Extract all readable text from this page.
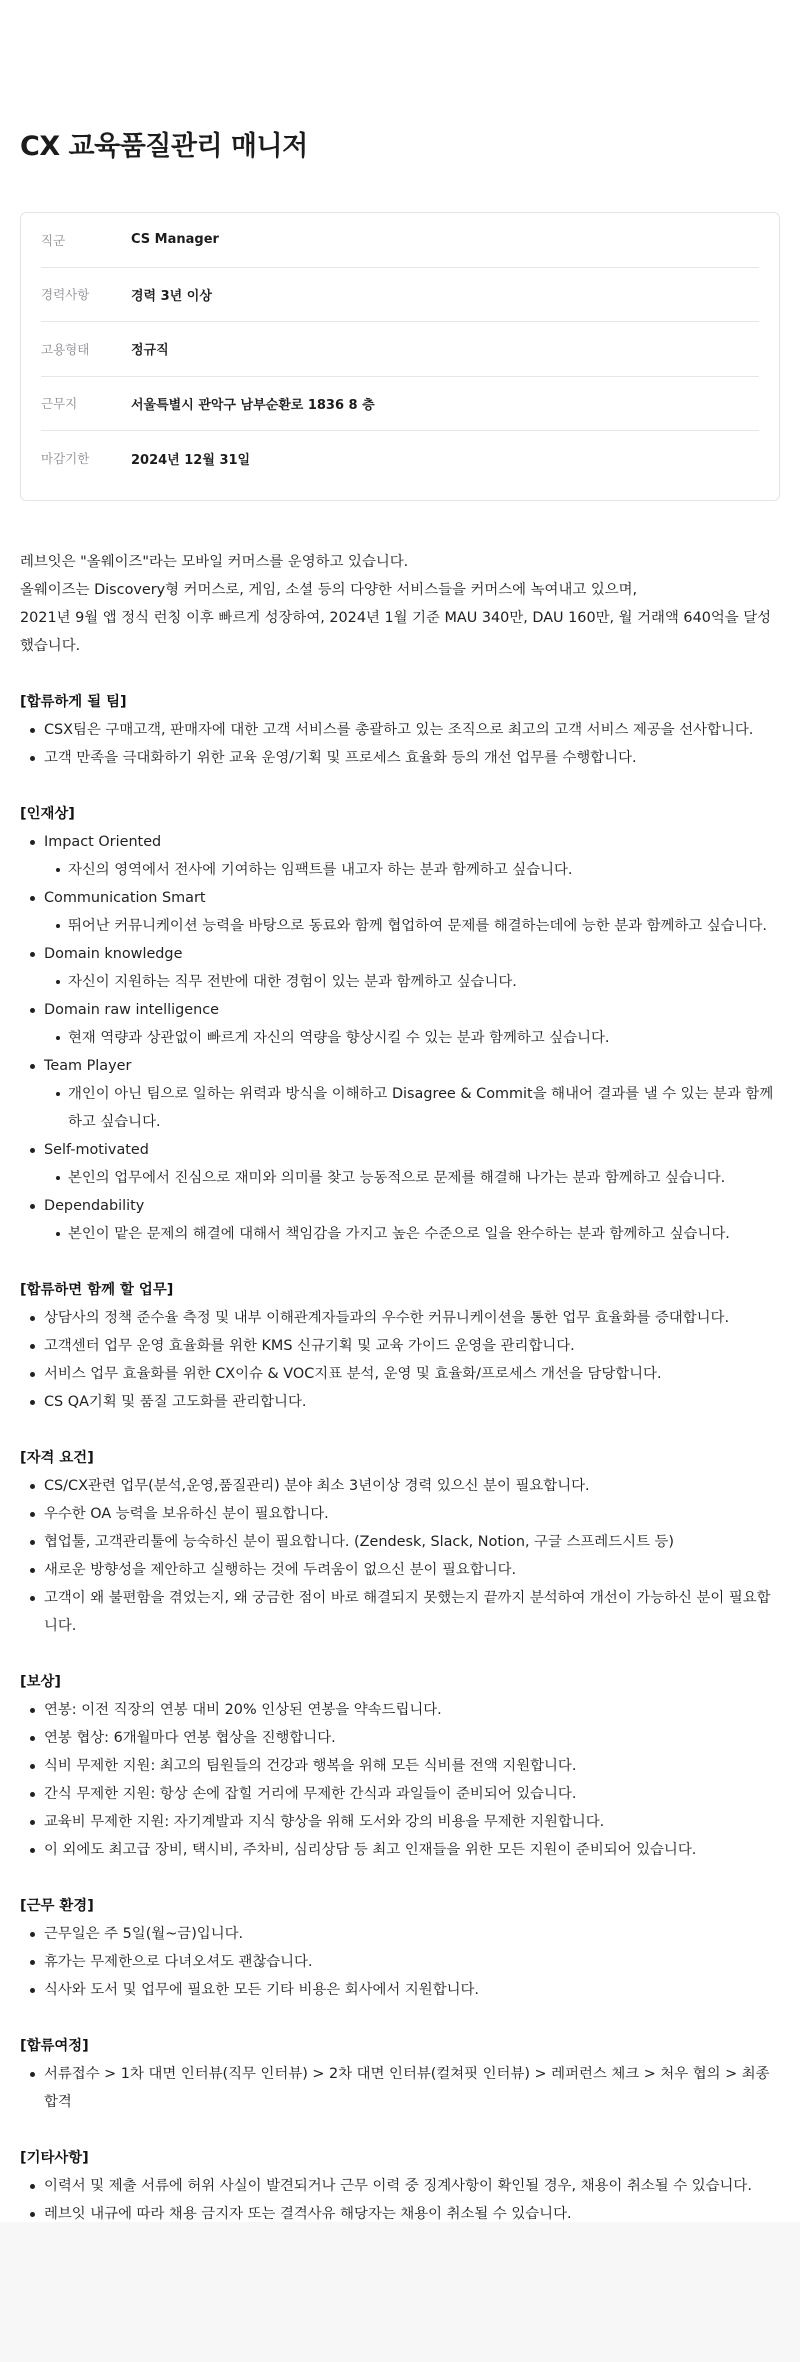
CX 교육품질관리 매니저
직군	CS Manager
경력사항	경력 3년 이상
고용형태	정규직
근무지	서울특별시 관악구 남부순환로 1836 8 층
마감기한	2024년 12월 31일

레브잇은 "올웨이즈"라는 모바일 커머스를 운영하고 있습니다.

올웨이즈는 Discovery형 커머스로, 게임, 소셜 등의 다양한 서비스들을 커머스에 녹여내고 있으며,

2021년 9월 앱 정식 런칭 이후 빠르게 성장하여, 2024년 1월 기준 MAU 340만, DAU 160만, 월 거래액 640억을 달성했습니다.

[합류하게 될 팀]
CSX팀은 구매고객, 판매자에 대한 고객 서비스를 총괄하고 있는 조직으로 최고의 고객 서비스 제공을 선사합니다.
고객 만족을 극대화하기 위한 교육 운영/기획 및 프로세스 효율화 등의 개선 업무를 수행합니다.
[인재상]
Impact Oriented
자신의 영역에서 전사에 기여하는 임팩트를 내고자 하는 분과 함께하고 싶습니다.
Communication Smart
뛰어난 커뮤니케이션 능력을 바탕으로 동료와 함께 협업하여 문제를 해결하는데에 능한 분과 함께하고 싶습니다.
Domain knowledge
자신이 지원하는 직무 전반에 대한 경험이 있는 분과 함께하고 싶습니다.
Domain raw intelligence
현재 역량과 상관없이 빠르게 자신의 역량을 향상시킬 수 있는 분과 함께하고 싶습니다.
Team Player
개인이 아닌 팀으로 일하는 위력과 방식을 이해하고 Disagree & Commit을 해내어 결과를 낼 수 있는 분과 함께하고 싶습니다.
Self-motivated
본인의 업무에서 진심으로 재미와 의미를 찾고 능동적으로 문제를 해결해 나가는 분과 함께하고 싶습니다.
Dependability
본인이 맡은 문제의 해결에 대해서 책임감을 가지고 높은 수준으로 일을 완수하는 분과 함께하고 싶습니다.
[합류하면 함께 할 업무]
상담사의 정책 준수율 측정 및 내부 이해관계자들과의 우수한 커뮤니케이션을 통한 업무 효율화를 증대합니다.
고객센터 업무 운영 효율화를 위한 KMS 신규기획 및 교육 가이드 운영을 관리합니다.
서비스 업무 효율화를 위한 CX이슈 & VOC지표 분석, 운영 및 효율화/프로세스 개선을 담당합니다.
CS QA기획 및 품질 고도화를 관리합니다.
[자격 요건]
CS/CX관련 업무(분석,운영,품질관리) 분야 최소 3년이상 경력 있으신 분이 필요합니다.
우수한 OA 능력을 보유하신 분이 필요합니다.
협업툴, 고객관리툴에 능숙하신 분이 필요합니다. (Zendesk, Slack, Notion, 구글 스프레드시트 등)
새로운 방향성을 제안하고 실행하는 것에 두려움이 없으신 분이 필요합니다.
고객이 왜 불편함을 겪었는지, 왜 궁금한 점이 바로 해결되지 못했는지 끝까지 분석하여 개선이 가능하신 분이 필요합니다.
[보상]
연봉: 이전 직장의 연봉 대비 20% 인상된 연봉을 약속드립니다.
연봉 협상: 6개월마다 연봉 협상을 진행합니다.
식비 무제한 지원: 최고의 팀원들의 건강과 행복을 위해 모든 식비를 전액 지원합니다.
간식 무제한 지원: 항상 손에 잡힐 거리에 무제한 간식과 과일들이 준비되어 있습니다.
교육비 무제한 지원: 자기계발과 지식 향상을 위해 도서와 강의 비용을 무제한 지원합니다.
이 외에도 최고급 장비, 택시비, 주차비, 심리상담 등 최고 인재들을 위한 모든 지원이 준비되어 있습니다.
[근무 환경]
근무일은 주 5일(월~금)입니다.
휴가는 무제한으로 다녀오셔도 괜찮습니다.
식사와 도서 및 업무에 필요한 모든 기타 비용은 회사에서 지원합니다.
[합류여정]
서류접수 > 1차 대면 인터뷰(직무 인터뷰) > 2차 대면 인터뷰(컬쳐핏 인터뷰) > 레퍼런스 체크 > 처우 협의 > 최종합격
[기타사항]
이력서 및 제출 서류에 허위 사실이 발견되거나 근무 이력 중 징계사항이 확인될 경우, 채용이 취소될 수 있습니다.
레브잇 내규에 따라 채용 금지자 또는 결격사유 해당자는 채용이 취소될 수 있습니다.
